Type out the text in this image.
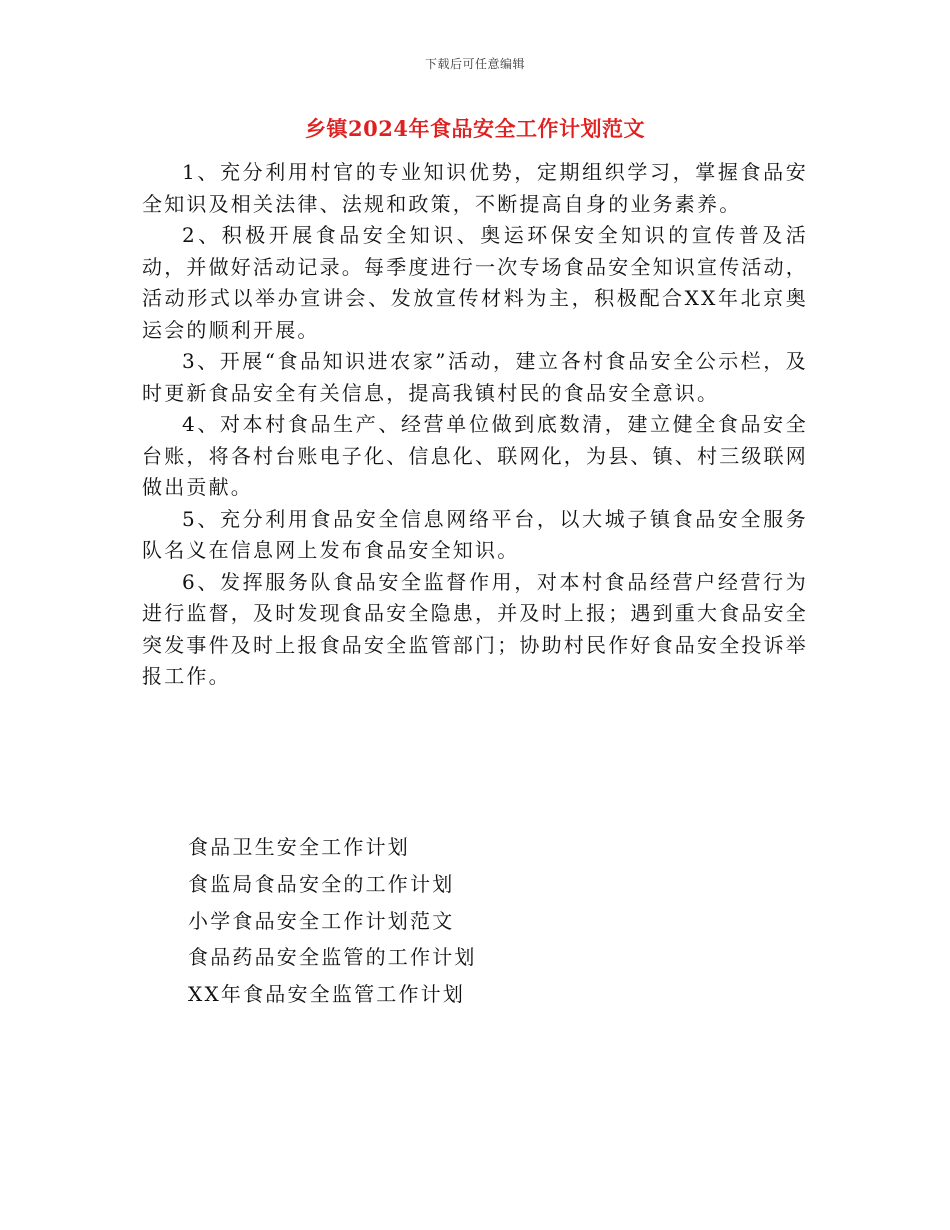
下载后可任意编辑
乡镇2024年食品安全工作计划范文

1、充分利用村官的专业知识优势，定期组织学习，掌握食品安全知识及相关法律、法规和政策，不断提高自身的业务素养。

2、积极开展食品安全知识、奥运环保安全知识的宣传普及活动，并做好活动记录。每季度进行一次专场食品安全知识宣传活动，活动形式以举办宣讲会、发放宣传材料为主，积极配合XX年北京奥运会的顺利开展。

3、开展“食品知识进农家”活动，建立各村食品安全公示栏，及时更新食品安全有关信息，提高我镇村民的食品安全意识。

4、对本村食品生产、经营单位做到底数清，建立健全食品安全台账，将各村台账电子化、信息化、联网化，为县、镇、村三级联网做出贡献。

5、充分利用食品安全信息网络平台，以大城子镇食品安全服务队名义在信息网上发布食品安全知识。

6、发挥服务队食品安全监督作用，对本村食品经营户经营行为进行监督，及时发现食品安全隐患，并及时上报；遇到重大食品安全突发事件及时上报食品安全监管部门；协助村民作好食品安全投诉举报工作。

食品卫生安全工作计划
食监局食品安全的工作计划
小学食品安全工作计划范文
食品药品安全监管的工作计划
XX年食品安全监管工作计划
